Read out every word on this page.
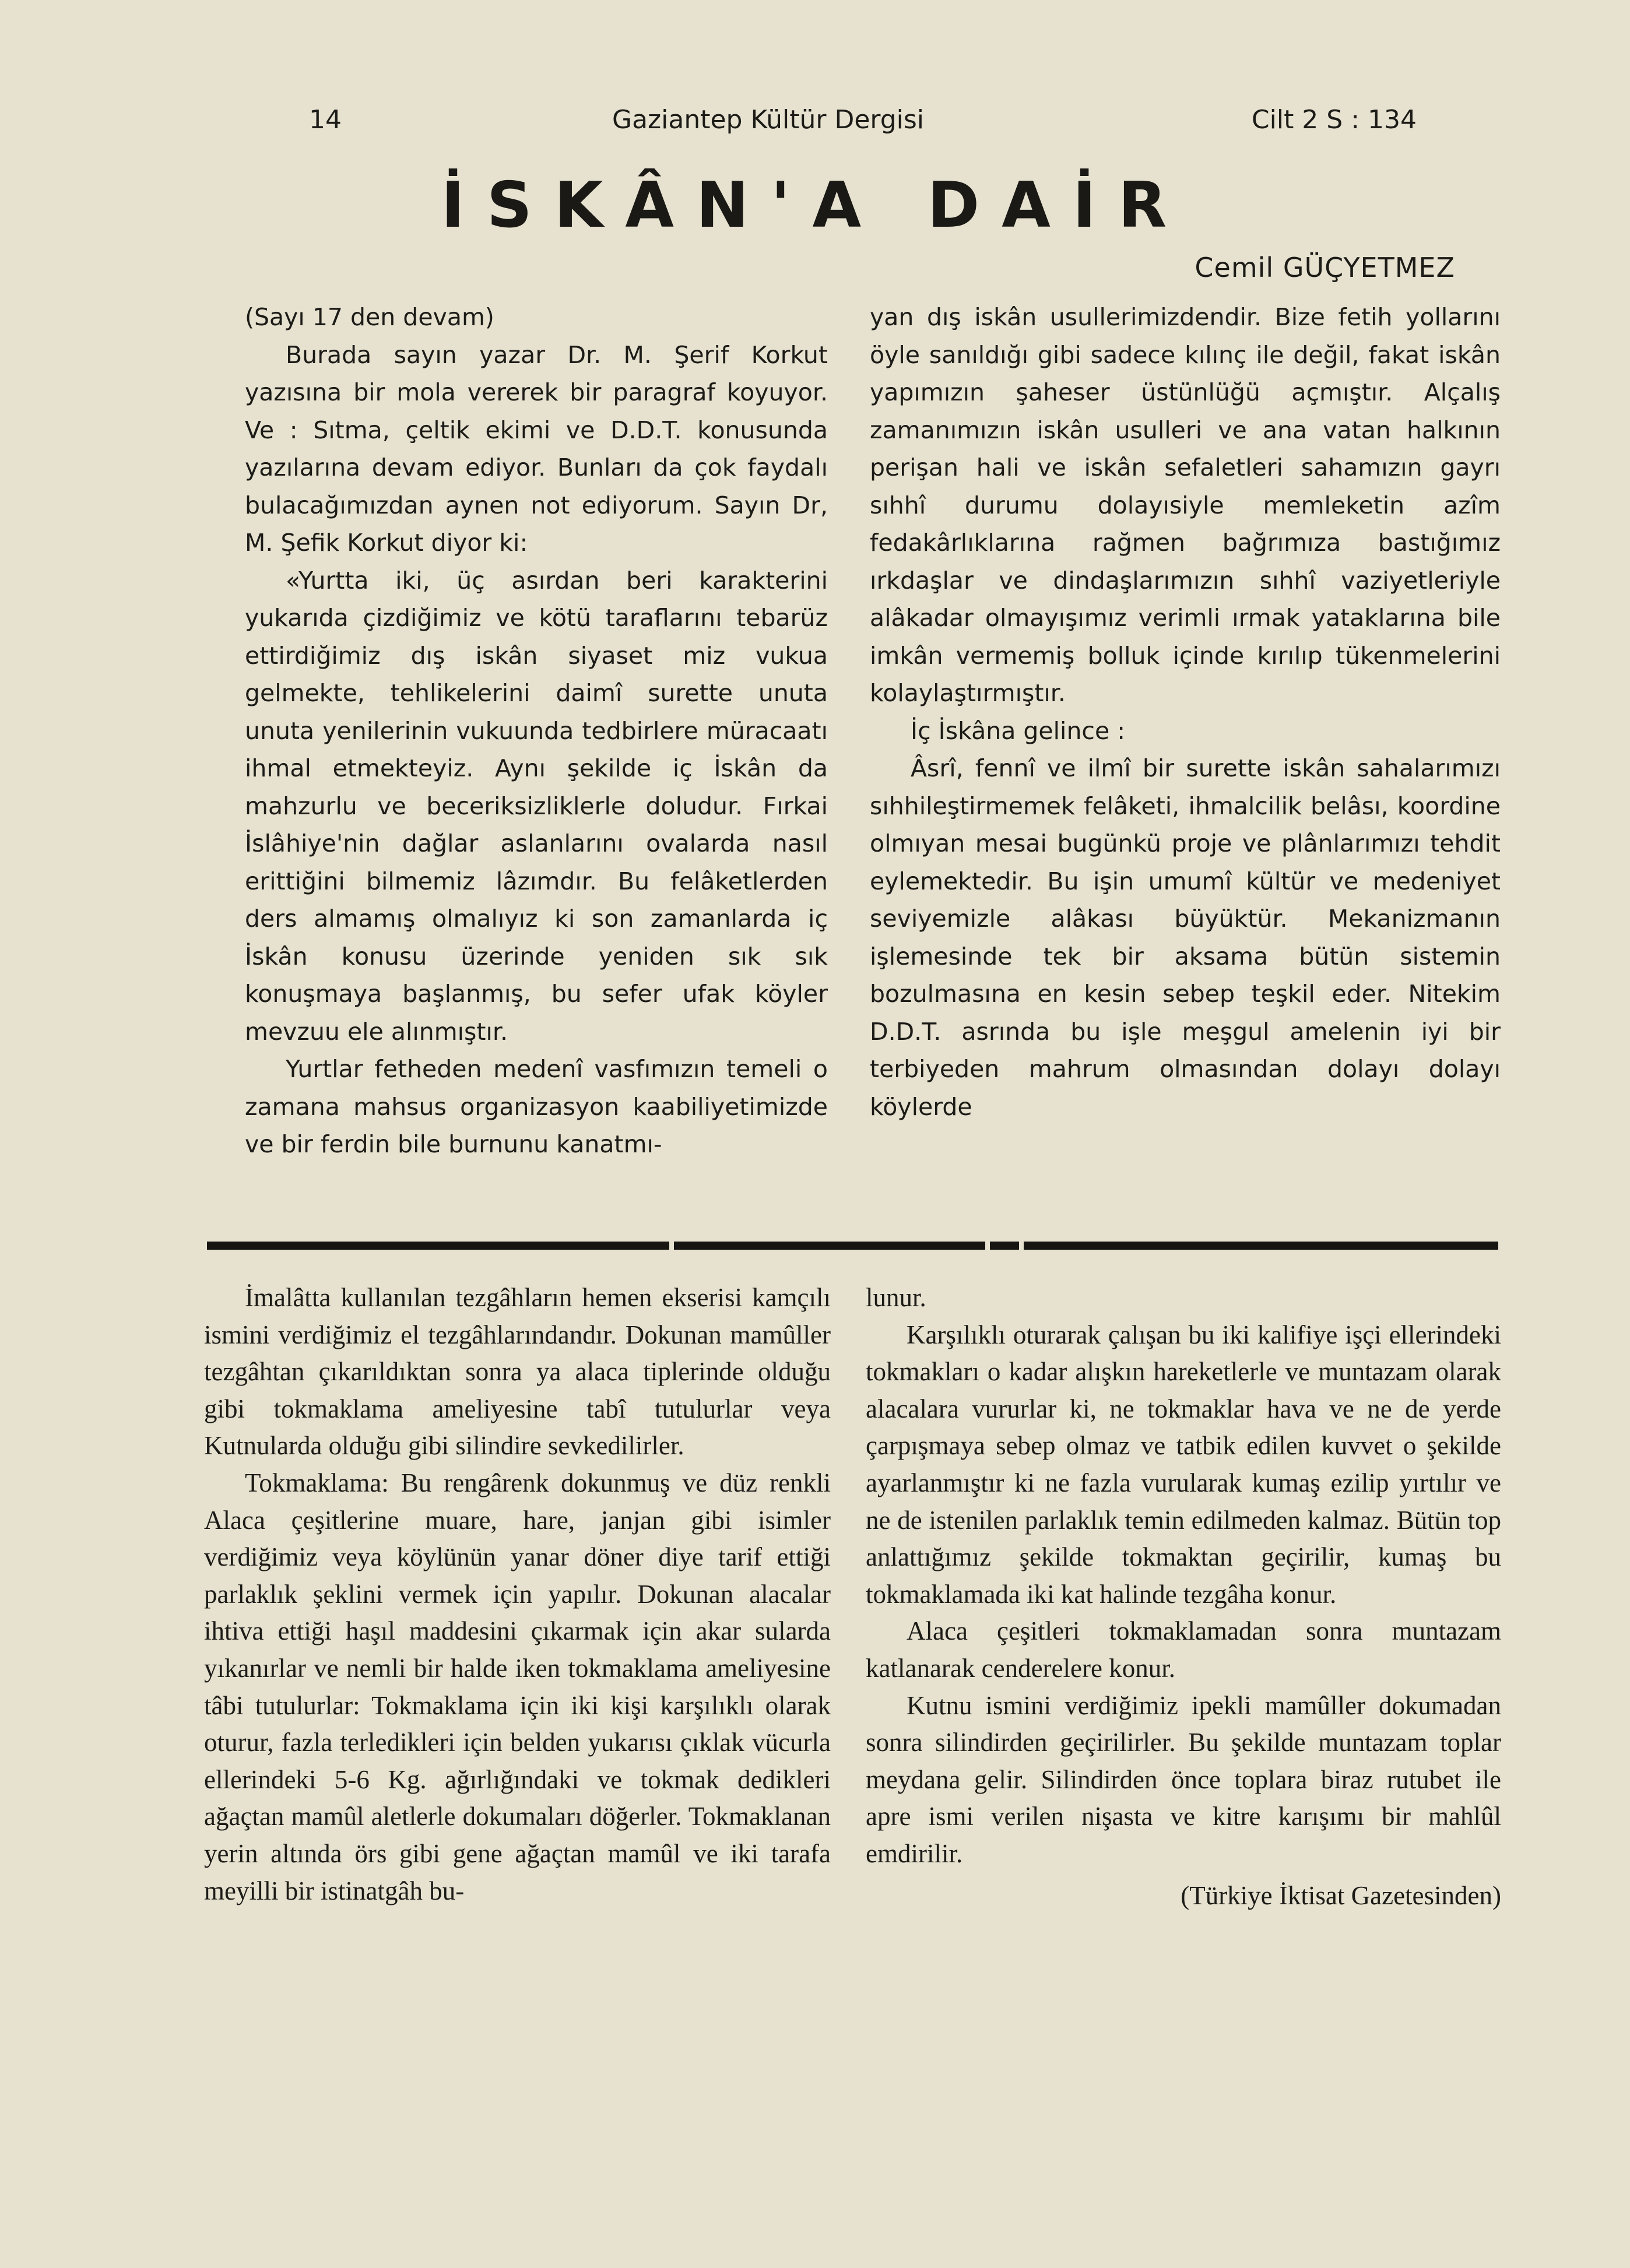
14	Gaziantep Kültür Dergisi	Cilt 2 S : 134
İSKÂN'A DAİR
Cemil GÜÇYETMEZ

(Sayı 17 den devam)

Burada sayın yazar Dr. M. Şerif Korkut yazısına bir mola vererek bir paragraf koyuyor. Ve : Sıtma, çeltik ekimi ve D.D.T. konusunda yazılarına devam ediyor. Bunları da çok faydalı bulacağımızdan aynen not ediyorum. Sayın Dr, M. Şefik Korkut diyor ki:

«Yurtta iki, üç asırdan beri karakterini yukarıda çizdiğimiz ve kötü taraflarını tebarüz ettirdiğimiz dış iskân siyaset miz vukua gelmekte, tehlikelerini daimî surette unuta unuta yenilerinin vukuunda tedbirlere müracaatı ihmal etmekteyiz. Aynı şekilde iç İskân da mahzurlu ve beceriksizliklerle doludur. Fırkai İslâhiye'nin dağlar aslanlarını ovalarda nasıl erittiğini bilmemiz lâzımdır. Bu felâketlerden ders almamış olmalıyız ki son zamanlarda iç İskân konusu üzerinde yeniden sık sık konuşmaya başlanmış, bu sefer ufak köyler mevzuu ele alınmıştır.

Yurtlar fetheden medenî vasfımızın temeli o zamana mahsus organizasyon kaabiliyetimizde ve bir ferdin bile burnunu kanatmı-

yan dış iskân usullerimizdendir. Bize fetih yollarını öyle sanıldığı gibi sadece kılınç ile değil, fakat iskân yapımızın şaheser üstünlüğü açmıştır. Alçalış zamanımızın iskân usulleri ve ana vatan halkının perişan hali ve iskân sefaletleri sahamızın gayrı sıhhî durumu dolayısiyle memleketin azîm fedakârlıklarına rağmen bağrımıza bastığımız ırkdaşlar ve dindaşlarımızın sıhhî vaziyetleriyle alâkadar olmayışımız verimli ırmak yataklarına bile imkân vermemiş bolluk içinde kırılıp tükenmelerini kolaylaştırmıştır.

İç İskâna gelince :

Âsrî, fennî ve ilmî bir surette iskân sahalarımızı sıhhileştirmemek felâketi, ihmalcilik belâsı, koordine olmıyan mesai bugünkü proje ve plânlarımızı tehdit eylemektedir. Bu işin umumî kültür ve medeniyet seviyemizle alâkası büyüktür. Mekanizmanın işlemesinde tek bir aksama bütün sistemin bozulmasına en kesin sebep teşkil eder. Nitekim D.D.T. asrında bu işle meşgul amelenin iyi bir terbiyeden mahrum olmasından dolayı dolayı köylerde

İmalâtta kullanılan tezgâhların hemen ekserisi kamçılı ismini verdiğimiz el tezgâhlarındandır. Dokunan mamûller tezgâhtan çıkarıldıktan sonra ya alaca tiplerinde olduğu gibi tokmaklama ameliyesine tabî tutulurlar veya Kutnularda olduğu gibi silindire sevkedilirler.

Tokmaklama: Bu rengârenk dokunmuş ve düz renkli Alaca çeşitlerine muare, hare, janjan gibi isimler verdiğimiz veya köylünün yanar döner diye tarif ettiği parlaklık şeklini vermek için yapılır. Dokunan alacalar ihtiva ettiği haşıl maddesini çıkarmak için akar sularda yıkanırlar ve nemli bir halde iken tokmaklama ameliyesine tâbi tutulurlar: Tokmaklama için iki kişi karşılıklı olarak oturur, fazla terledikleri için belden yukarısı çıklak vücurla ellerindeki 5-6 Kg. ağırlığındaki ve tokmak dedikleri ağaçtan mamûl aletlerle dokumaları döğerler. Tokmaklanan yerin altında örs gibi gene ağaçtan mamûl ve iki tarafa meyilli bir istinatgâh bu-

lunur.

Karşılıklı oturarak çalışan bu iki kalifiye işçi ellerindeki tokmakları o kadar alışkın hareketlerle ve muntazam olarak alacalara vururlar ki, ne tokmaklar hava ve ne de yerde çarpışmaya sebep olmaz ve tatbik edilen kuvvet o şekilde ayarlanmıştır ki ne fazla vurularak kumaş ezilip yırtılır ve ne de istenilen parlaklık temin edilmeden kalmaz. Bütün top anlattığımız şekilde tokmaktan geçirilir, kumaş bu tokmaklamada iki kat halinde tezgâha konur.

Alaca çeşitleri tokmaklamadan sonra muntazam katlanarak cenderelere konur.

Kutnu ismini verdiğimiz ipekli mamûller dokumadan sonra silindirden geçirilirler. Bu şekilde muntazam toplar meydana gelir. Silindirden önce toplara biraz rutubet ile apre ismi verilen nişasta ve kitre karışımı bir mahlûl emdirilir.

(Türkiye İktisat Gazetesinden)
